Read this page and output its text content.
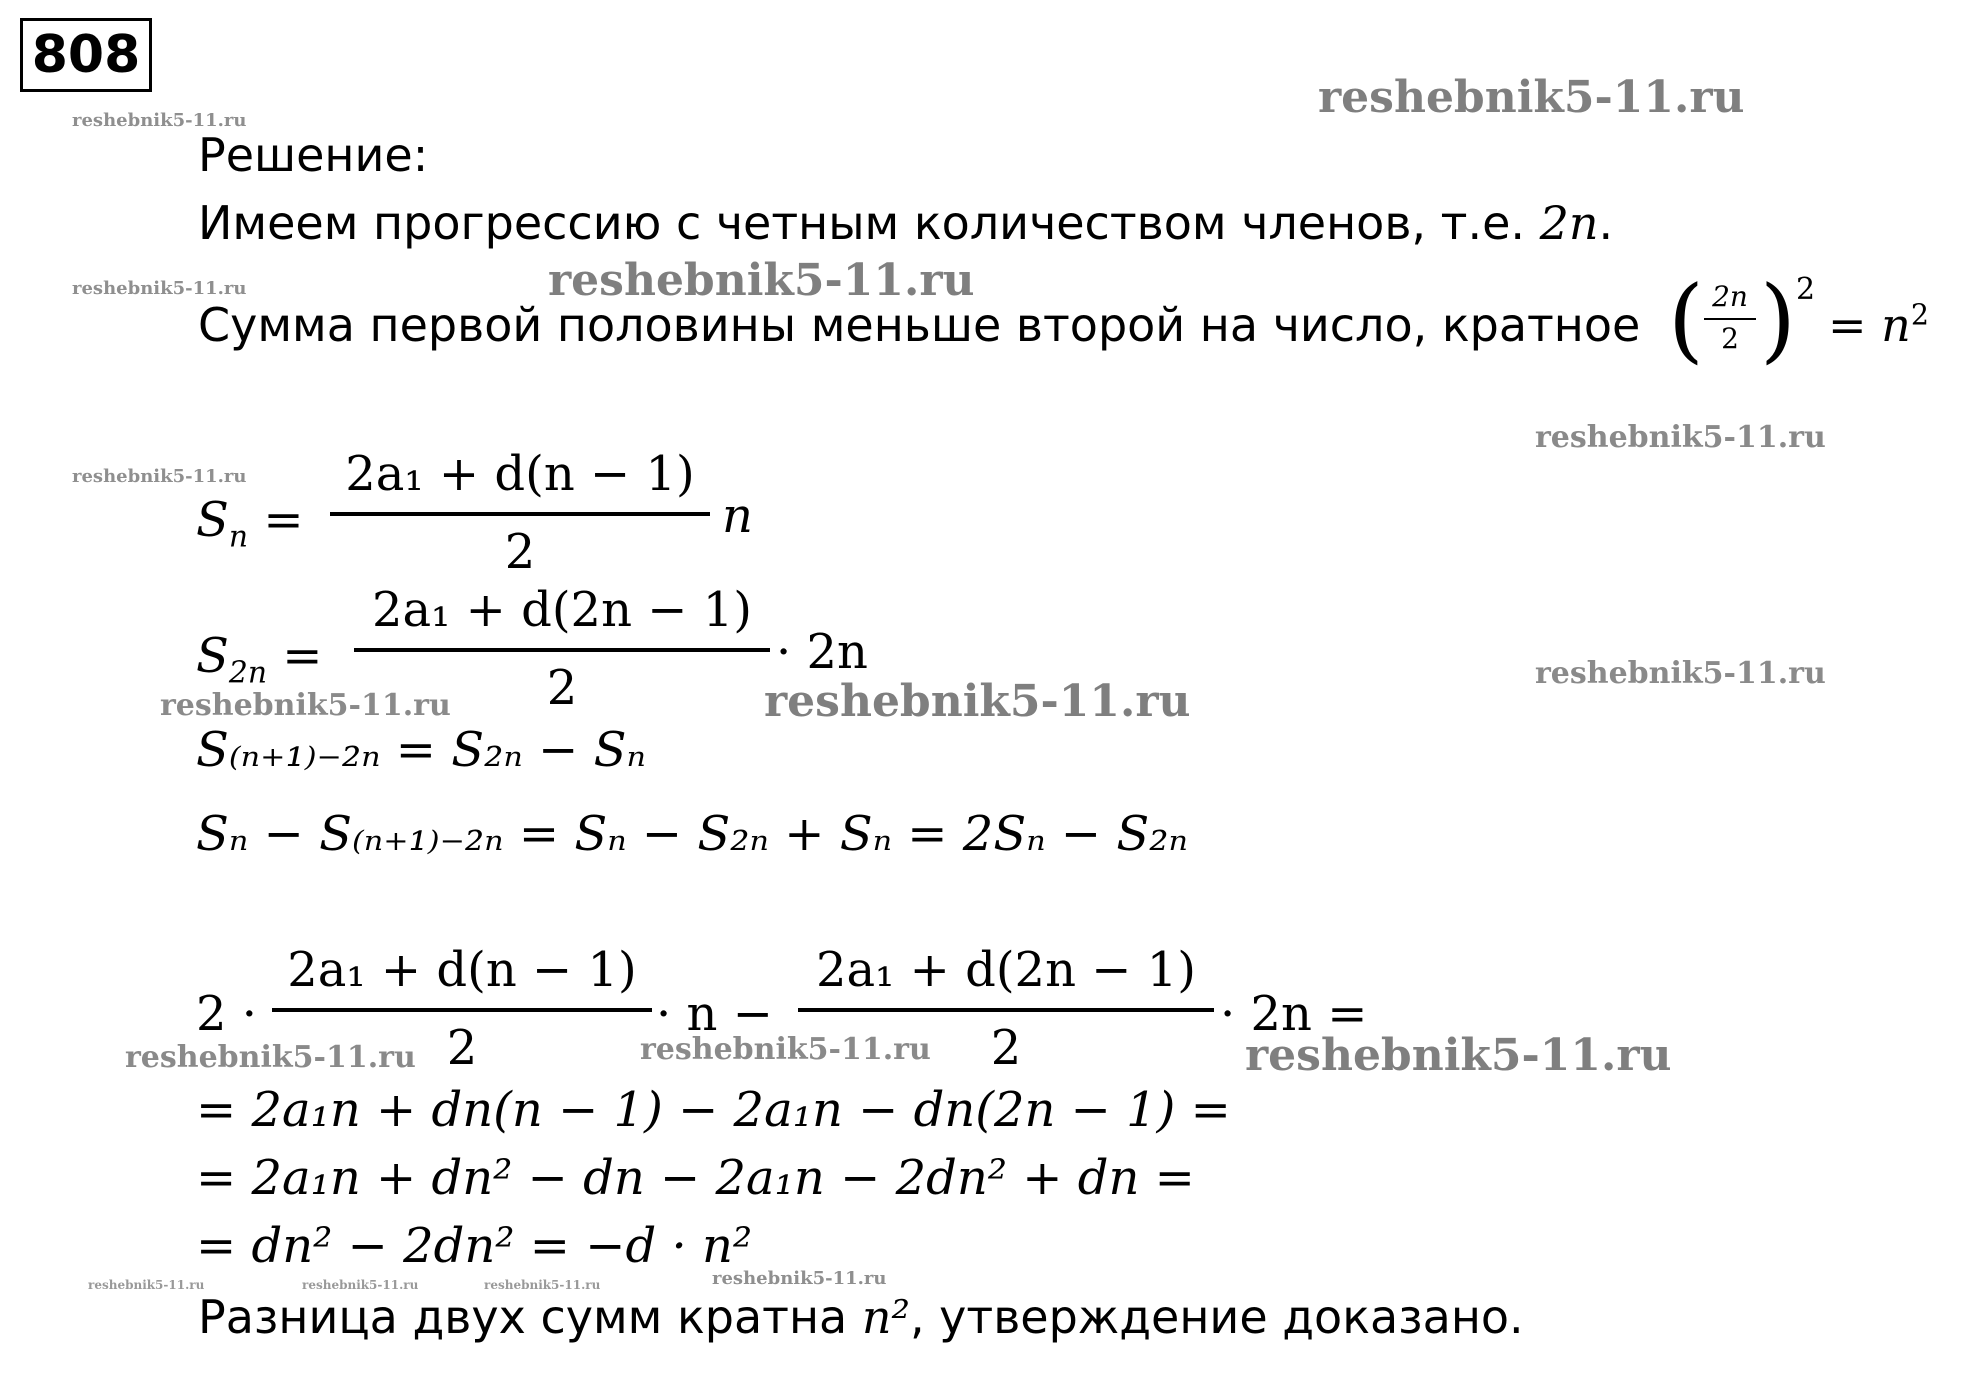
808
reshebnik5-11.ru
reshebnik5-11.ru
reshebnik5-11.ru
reshebnik5-11.ru
reshebnik5-11.ru
reshebnik5-11.ru
reshebnik5-11.ru
reshebnik5-11.ru	reshebnik5-11.ru
reshebnik5-11.ru	reshebnik5-11.ru	reshebnik5-11.ru
reshebnik5-11.ru	reshebnik5-11.ru	reshebnik5-11.ru	reshebnik5-11.ru
Решение:
Имеем прогрессию с четным количеством членов, т.е. 2n.
Сумма первой половины меньше второй на число, кратное ( 2n
2 ) 2
= $n^2$
$S_n$ =
2a₁ + d(n − 1)
2
n
$S_{2n}$ =
2a₁ + d(2n − 1)
2
· 2n
S₍ₙ₊₁₎₋₂ₙ = S₂ₙ − Sₙ
Sₙ − S₍ₙ₊₁₎₋₂ₙ = Sₙ − S₂ₙ + Sₙ = 2Sₙ − S₂ₙ
2 ·
2a₁ + d(n − 1)
2
· n −
2a₁ + d(2n − 1)
2
· 2n =
= 2a₁n + dn(n − 1) − 2a₁n − dn(2n − 1) =
= 2a₁n + dn² − dn − 2a₁n − 2dn² + dn =
= dn² − 2dn² = −d · n²
Разница двух сумм кратна n², утверждение доказано.
